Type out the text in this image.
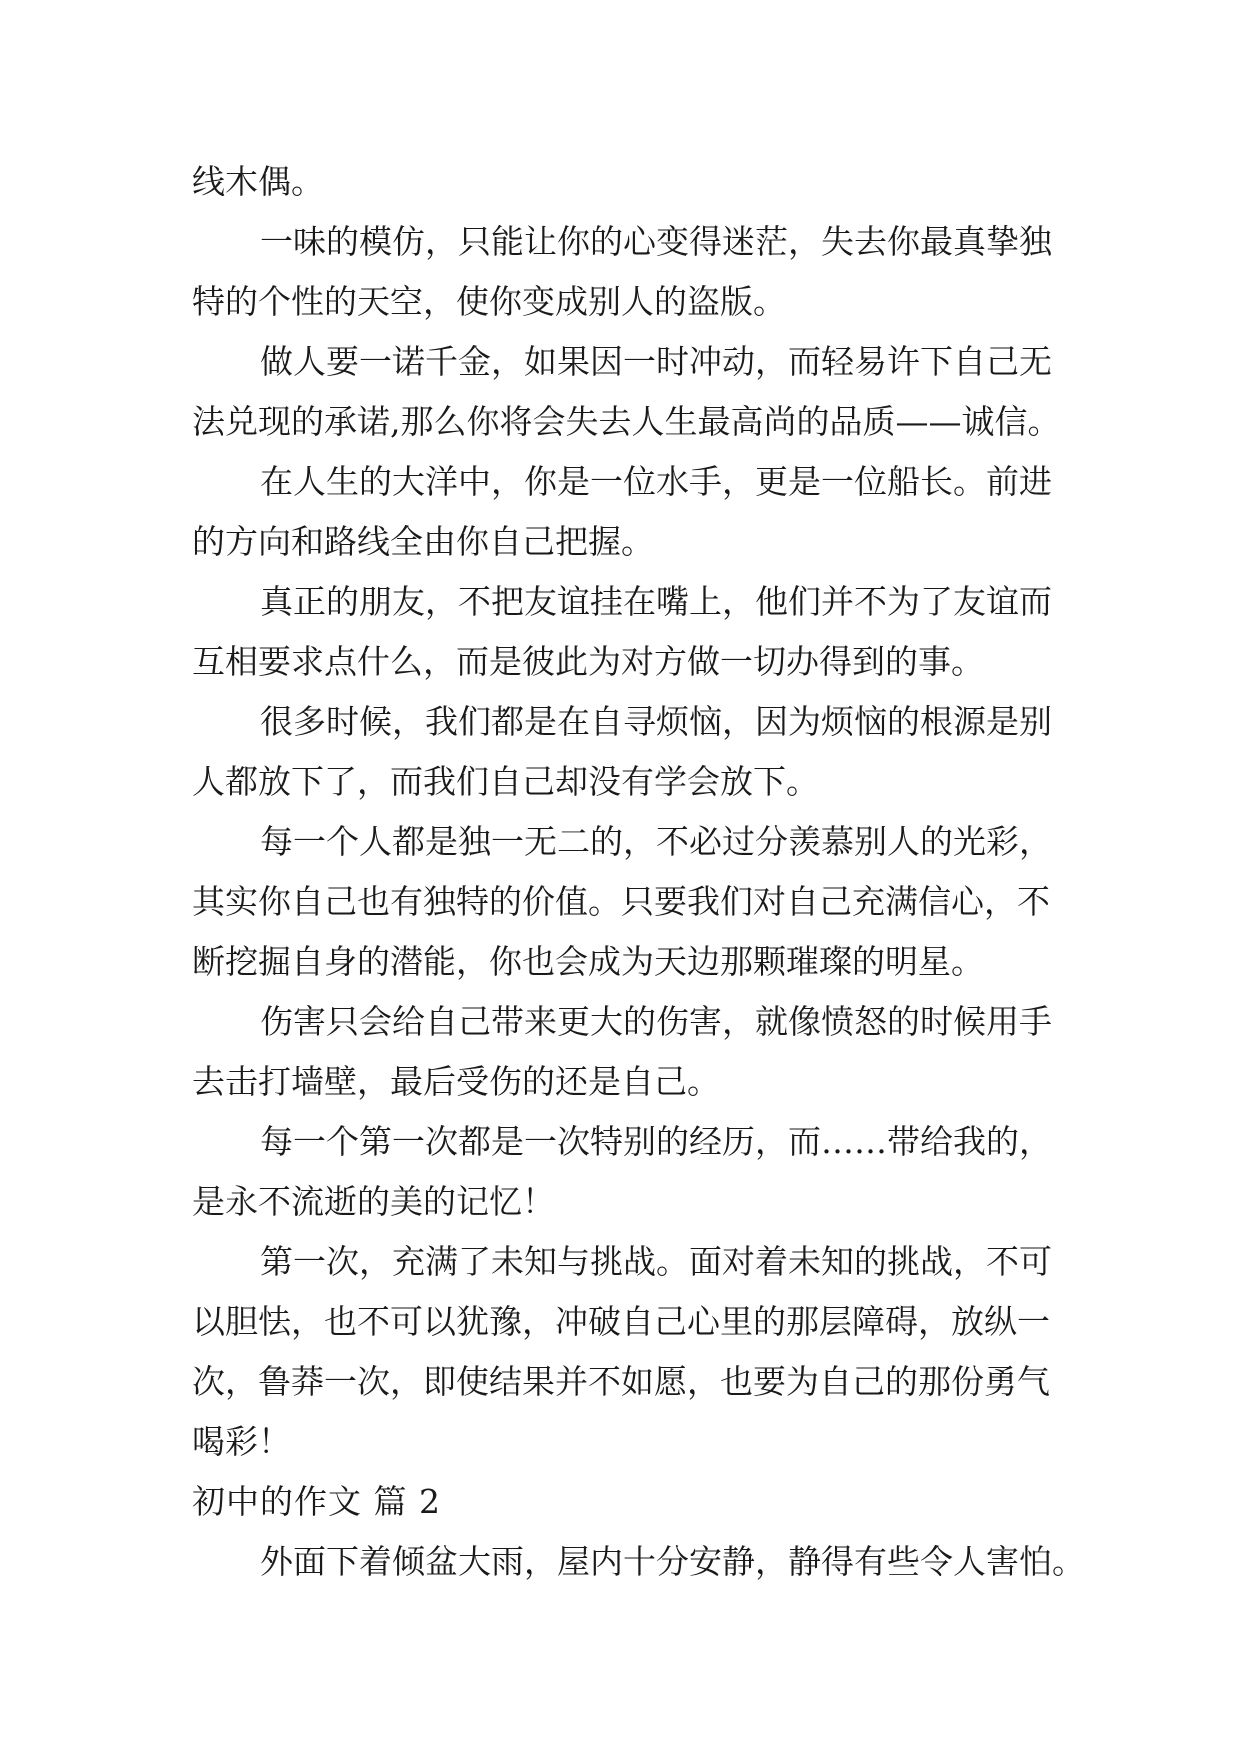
线木偶。
一味的模仿，只能让你的心变得迷茫，失去你最真挚独
特的个性的天空，使你变成别人的盗版。
做人要一诺千金，如果因一时冲动，而轻易许下自己无
法兑现的承诺,那么你将会失去人生最高尚的品质——诚信。
在人生的大洋中，你是一位水手，更是一位船长。前进
的方向和路线全由你自己把握。
真正的朋友，不把友谊挂在嘴上，他们并不为了友谊而
互相要求点什么，而是彼此为对方做一切办得到的事。
很多时候，我们都是在自寻烦恼，因为烦恼的根源是别
人都放下了，而我们自己却没有学会放下。
每一个人都是独一无二的，不必过分羡慕别人的光彩，
其实你自己也有独特的价值。只要我们对自己充满信心，不
断挖掘自身的潜能，你也会成为天边那颗璀璨的明星。
伤害只会给自己带来更大的伤害，就像愤怒的时候用手
去击打墙壁，最后受伤的还是自己。
每一个第一次都是一次特别的经历，而……带给我的，
是永不流逝的美的记忆！
第一次，充满了未知与挑战。面对着未知的挑战，不可
以胆怯，也不可以犹豫，冲破自己心里的那层障碍，放纵一
次，鲁莽一次，即使结果并不如愿，也要为自己的那份勇气
喝彩！
初中的作文 篇 2
外面下着倾盆大雨，屋内十分安静，静得有些令人害怕。
